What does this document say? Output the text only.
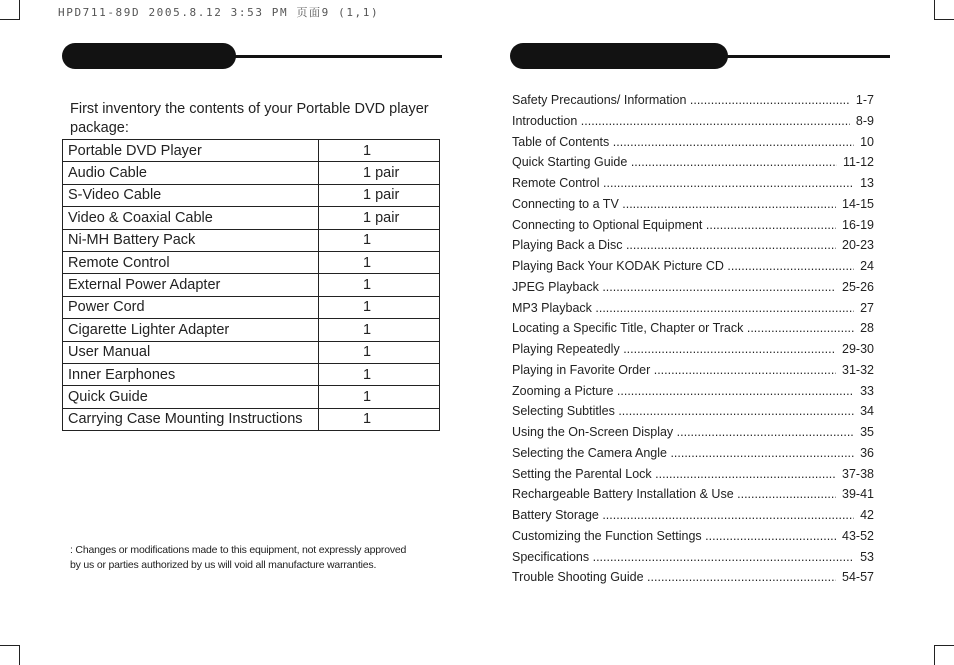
HPD711-89D 2005.8.12 3:53 PM 页面9 (1,1)
First inventory the contents of your Portable DVD player package:
Portable DVD Player	1
Audio Cable	1 pair
S-Video Cable	1 pair
Video & Coaxial Cable	1 pair
Ni-MH Battery Pack	1
Remote Control	1
External Power Adapter	1
Power Cord	1
Cigarette Lighter Adapter	1
User Manual	1
Inner Earphones	1
Quick Guide	1
Carrying Case Mounting Instructions	1
: Changes or modifications made to this equipment, not expressly approved by us or parties authorized by us will void all manufacture warranties.
Safety Precautions/ Information .....	1-7
Introduction .....	8-9
Table of Contents .....	10
Quick Starting Guide .....	11-12
Remote Control .....	13
Connecting to a TV .....	14-15
Connecting to Optional Equipment .....	16-19
Playing Back a Disc .....	20-23
Playing Back Your KODAK Picture CD .....	24
JPEG Playback .....	25-26
MP3 Playback .....	27
Locating a Specific Title, Chapter or Track .....	28
Playing Repeatedly .....	29-30
Playing in Favorite Order .....	31-32
Zooming a Picture .....	33
Selecting Subtitles .....	34
Using the On-Screen Display .....	35
Selecting the Camera Angle .....	36
Setting the Parental Lock .....	37-38
Rechargeable Battery Installation & Use .....	39-41
Battery Storage .....	42
Customizing the Function Settings .....	43-52
Specifications .....	53
Trouble Shooting Guide .....	54-57
